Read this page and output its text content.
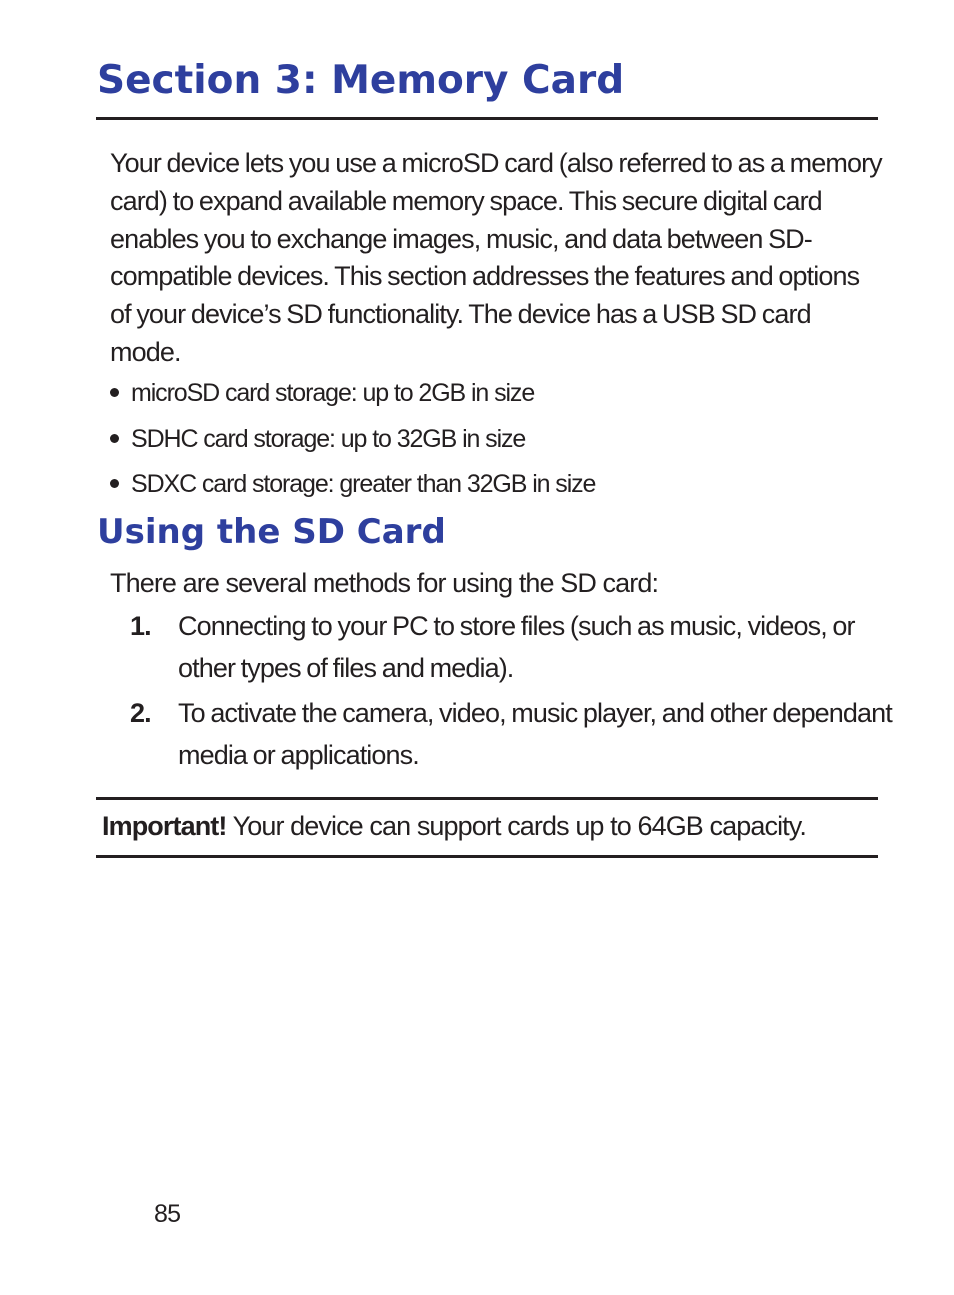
Section 3: Memory Card

Your device lets you use a microSD card (also referred to as a memory card) to expand available memory space. This secure digital card enables you to exchange images, music, and data between SD-compatible devices. This section addresses the features and options of your device’s SD functionality. The device has a USB SD card mode.

microSD card storage: up to 2GB in size
SDHC card storage: up to 32GB in size
SDXC card storage: greater than 32GB in size
Using the SD Card

There are several methods for using the SD card:

1. Connecting to your PC to store files (such as music, videos, or other types of files and media).
2. To activate the camera, video, music player, and other dependant media or applications.

Important! Your device can support cards up to 64GB capacity.

85
